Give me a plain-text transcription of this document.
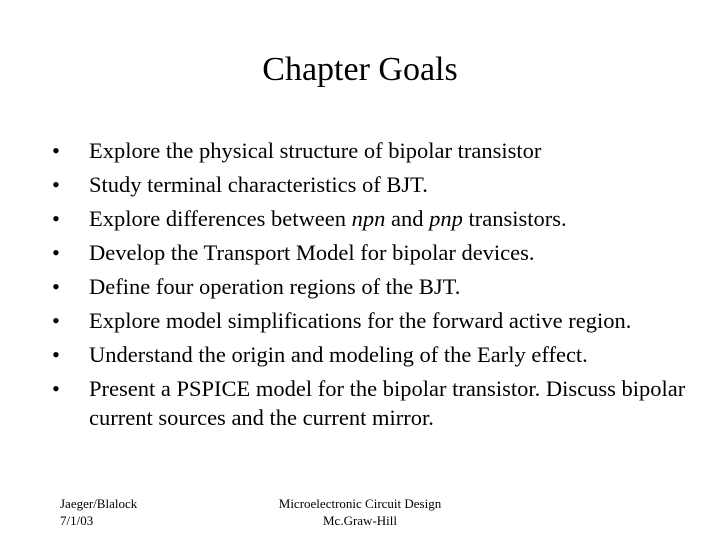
Chapter Goals
•	Explore the physical structure of bipolar transistor
•	Study terminal characteristics of BJT.
•	Explore differences between npn and pnp transistors.
•	Develop the Transport Model for bipolar devices.
•	Define four operation regions of the BJT.
•	Explore model simplifications for the forward active region.
•	Understand the origin and modeling of the Early effect.
•	Present a PSPICE model for the bipolar transistor. Discuss bipolar current sources and the current mirror.
Jaeger/Blalock
7/1/03
Microelectronic Circuit Design
Mc.Graw-Hill
